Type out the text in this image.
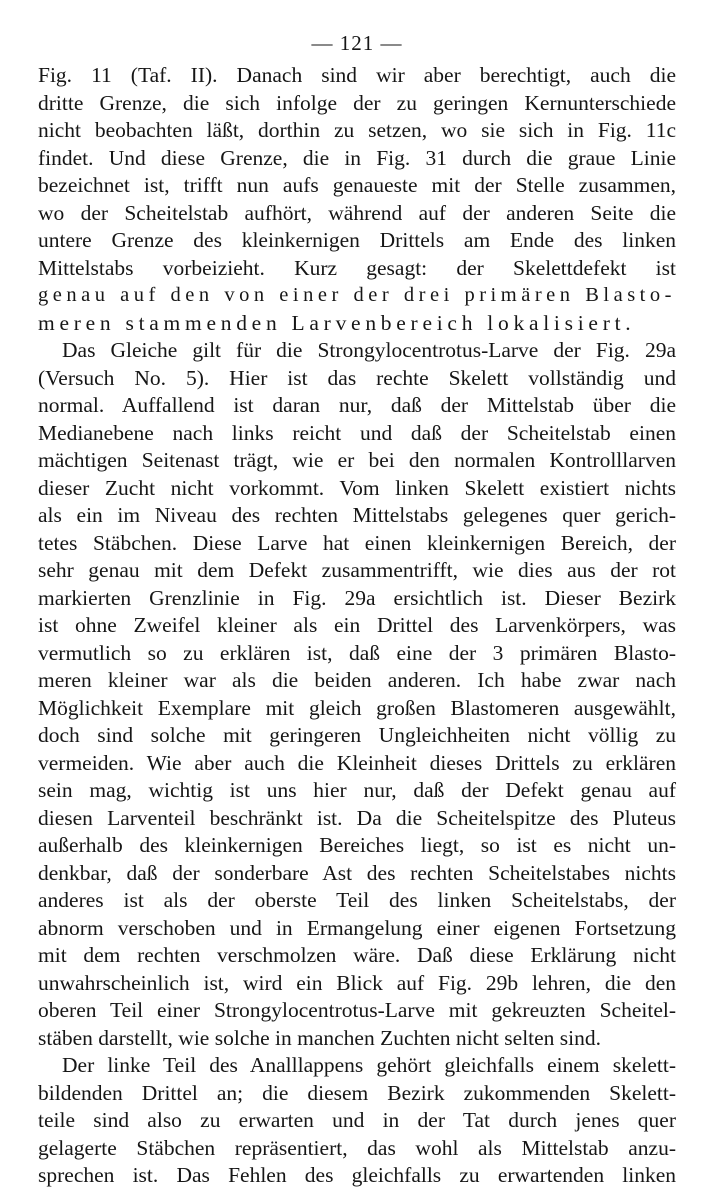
— 121 —
Fig. 11 (Taf. II). Danach sind wir aber berechtigt, auch die
dritte Grenze, die sich infolge der zu geringen Kernunterschiede
nicht beobachten läßt, dorthin zu setzen, wo sie sich in Fig. 11c
findet. Und diese Grenze, die in Fig. 31 durch die graue Linie
bezeichnet ist, trifft nun aufs genaueste mit der Stelle zusammen,
wo der Scheitelstab aufhört, während auf der anderen Seite die
untere Grenze des kleinkernigen Drittels am Ende des linken
Mittelstabs vorbeizieht. Kurz gesagt: der Skelettdefekt ist
genau auf den von einer der drei primären Blasto-
meren stammenden Larvenbereich lokalisiert.
Das Gleiche gilt für die Strongylocentrotus-Larve der Fig. 29a
(Versuch No. 5). Hier ist das rechte Skelett vollständig und
normal. Auffallend ist daran nur, daß der Mittelstab über die
Medianebene nach links reicht und daß der Scheitelstab einen
mächtigen Seitenast trägt, wie er bei den normalen Kontrolllarven
dieser Zucht nicht vorkommt. Vom linken Skelett existiert nichts
als ein im Niveau des rechten Mittelstabs gelegenes quer gerich-
tetes Stäbchen. Diese Larve hat einen kleinkernigen Bereich, der
sehr genau mit dem Defekt zusammentrifft, wie dies aus der rot
markierten Grenzlinie in Fig. 29a ersichtlich ist. Dieser Bezirk
ist ohne Zweifel kleiner als ein Drittel des Larvenkörpers, was
vermutlich so zu erklären ist, daß eine der 3 primären Blasto-
meren kleiner war als die beiden anderen. Ich habe zwar nach
Möglichkeit Exemplare mit gleich großen Blastomeren ausgewählt,
doch sind solche mit geringeren Ungleichheiten nicht völlig zu
vermeiden. Wie aber auch die Kleinheit dieses Drittels zu erklären
sein mag, wichtig ist uns hier nur, daß der Defekt genau auf
diesen Larventeil beschränkt ist. Da die Scheitelspitze des Pluteus
außerhalb des kleinkernigen Bereiches liegt, so ist es nicht un-
denkbar, daß der sonderbare Ast des rechten Scheitelstabes nichts
anderes ist als der oberste Teil des linken Scheitelstabs, der
abnorm verschoben und in Ermangelung einer eigenen Fortsetzung
mit dem rechten verschmolzen wäre. Daß diese Erklärung nicht
unwahrscheinlich ist, wird ein Blick auf Fig. 29b lehren, die den
oberen Teil einer Strongylocentrotus-Larve mit gekreuzten Scheitel-
stäben darstellt, wie solche in manchen Zuchten nicht selten sind.
Der linke Teil des Analllappens gehört gleichfalls einem skelett-
bildenden Drittel an; die diesem Bezirk zukommenden Skelett-
teile sind also zu erwarten und in der Tat durch jenes quer
gelagerte Stäbchen repräsentiert, das wohl als Mittelstab anzu-
sprechen ist. Das Fehlen des gleichfalls zu erwartenden linken
